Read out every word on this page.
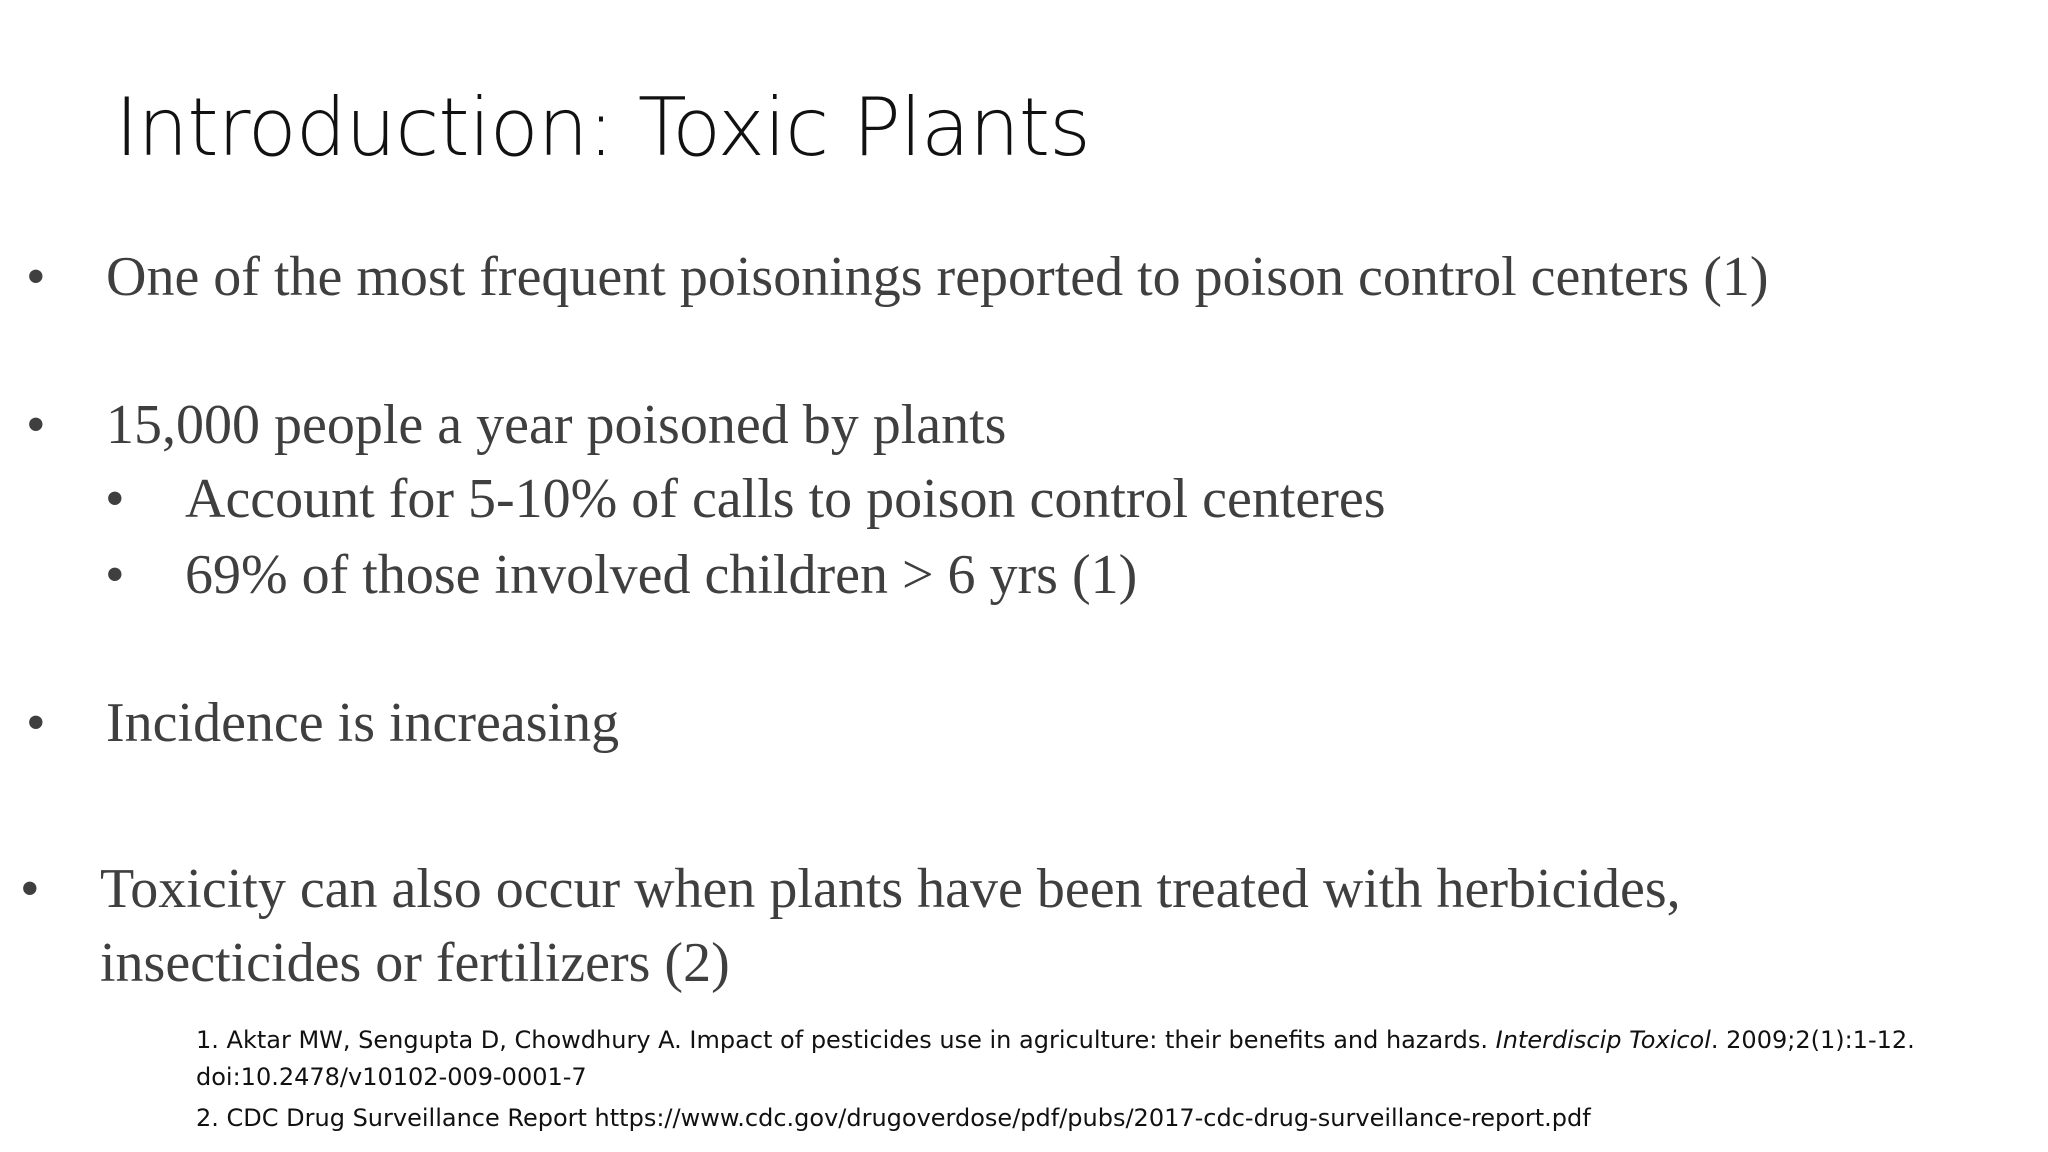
Introduction: Toxic Plants
• One of the most frequent poisonings reported to poison control centers (1)
• 15,000 people a year poisoned by plants
• Account for 5-10% of calls to poison control centeres
• 69% of those involved children > 6 yrs (1)
• Incidence is increasing
• Toxicity can also occur when plants have been treated with herbicides,
insecticides or fertilizers (2)
1. Aktar MW, Sengupta D, Chowdhury A. Impact of pesticides use in agriculture: their benefits and hazards. Interdiscip Toxicol. 2009;2(1):1-12.
doi:10.2478/v10102-009-0001-7
2. CDC Drug Surveillance Report https://www.cdc.gov/drugoverdose/pdf/pubs/2017-cdc-drug-surveillance-report.pdf
